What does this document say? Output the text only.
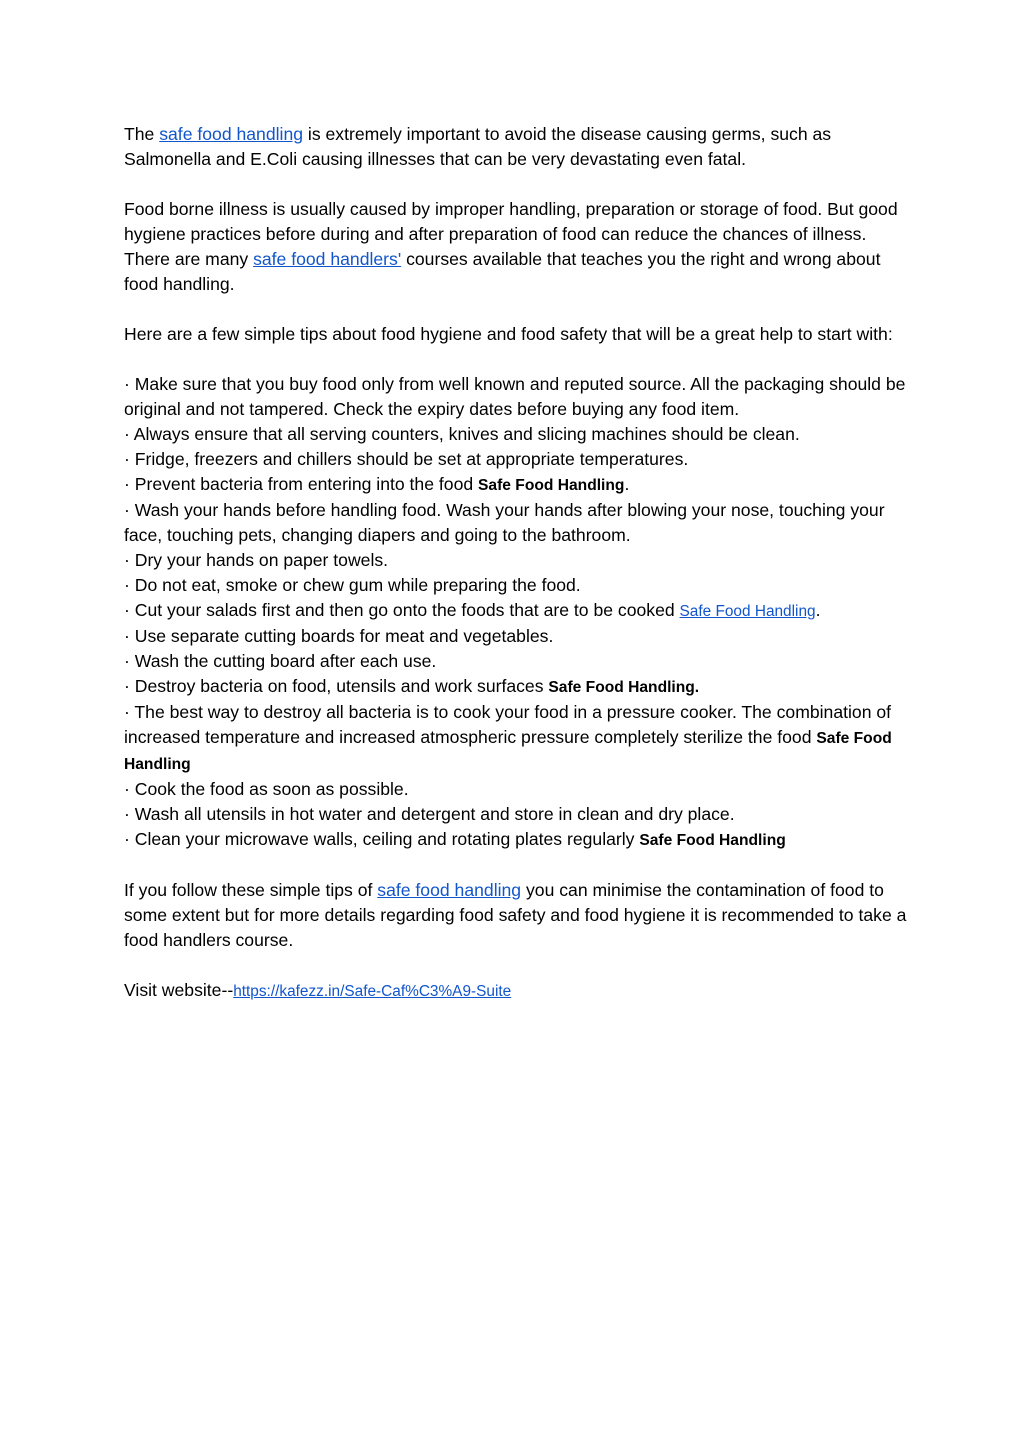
The safe food handling is extremely important to avoid the disease causing germs, such as Salmonella and E.Coli causing illnesses that can be very devastating even fatal.

Food borne illness is usually caused by improper handling, preparation or storage of food. But good hygiene practices before during and after preparation of food can reduce the chances of illness. There are many safe food handlers' courses available that teaches you the right and wrong about food handling.

Here are a few simple tips about food hygiene and food safety that will be a great help to start with:

· Make sure that you buy food only from well known and reputed source. All the packaging should be original and not tampered. Check the expiry dates before buying any food item.

· Always ensure that all serving counters, knives and slicing machines should be clean.

· Fridge, freezers and chillers should be set at appropriate temperatures.

· Prevent bacteria from entering into the food Safe Food Handling.

· Wash your hands before handling food. Wash your hands after blowing your nose, touching your face, touching pets, changing diapers and going to the bathroom.

· Dry your hands on paper towels.

· Do not eat, smoke or chew gum while preparing the food.

· Cut your salads first and then go onto the foods that are to be cooked Safe Food Handling.

· Use separate cutting boards for meat and vegetables.

· Wash the cutting board after each use.

· Destroy bacteria on food, utensils and work surfaces Safe Food Handling.

· The best way to destroy all bacteria is to cook your food in a pressure cooker. The combination of increased temperature and increased atmospheric pressure completely sterilize the food Safe Food Handling

· Cook the food as soon as possible.

· Wash all utensils in hot water and detergent and store in clean and dry place.

· Clean your microwave walls, ceiling and rotating plates regularly Safe Food Handling

If you follow these simple tips of safe food handling you can minimise the contamination of food to some extent but for more details regarding food safety and food hygiene it is recommended to take a food handlers course.

Visit website--https://kafezz.in/Safe-Caf%C3%A9-Suite
